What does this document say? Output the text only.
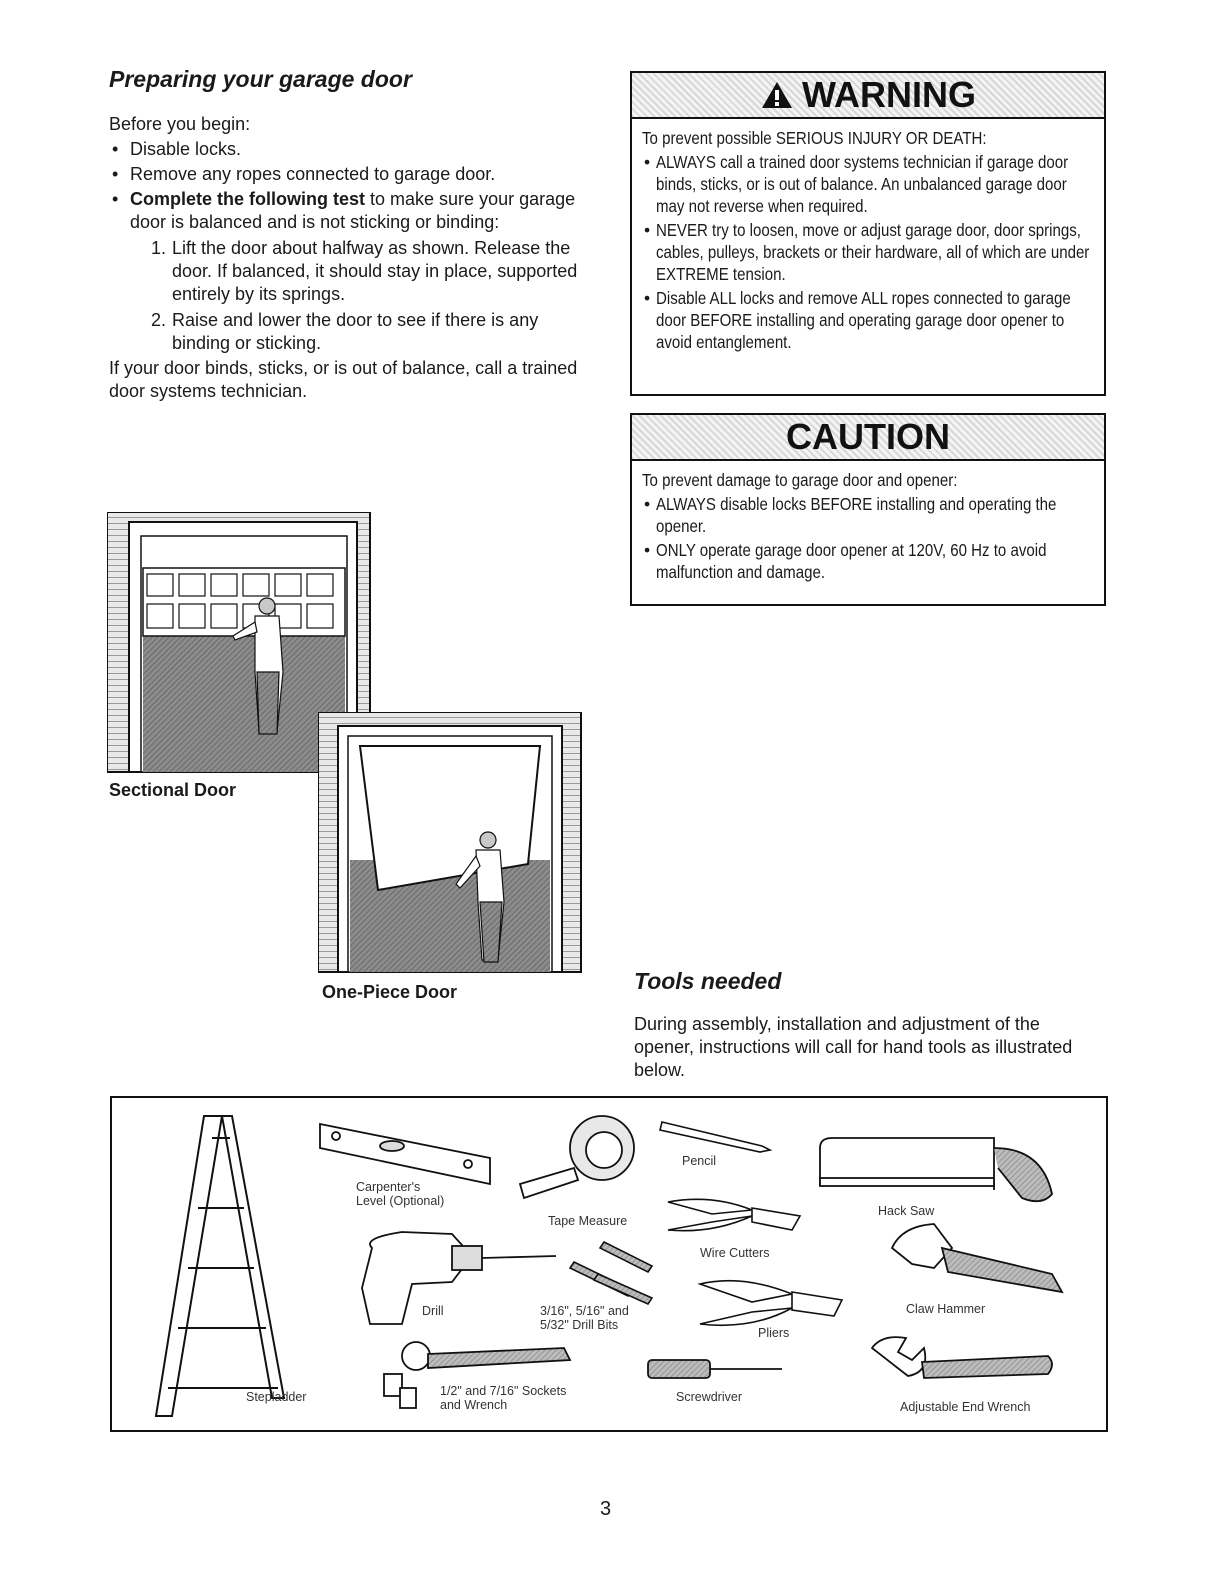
Preparing your garage door

Before you begin:

• Disable locks.
• Remove any ropes connected to garage door.
• Complete the following test to make sure your garage door is balanced and is not sticking or binding:
1. Lift the door about halfway as shown. Release the door. If balanced, it should stay in place, supported entirely by its springs.
2. Raise and lower the door to see if there is any binding or sticking.

If your door binds, sticks, or is out of balance, call a trained door systems technician.

WARNING

To prevent possible SERIOUS INJURY OR DEATH:

• ALWAYS call a trained door systems technician if garage door binds, sticks, or is out of balance. An unbalanced garage door may not reverse when required.
• NEVER try to loosen, move or adjust garage door, door springs, cables, pulleys, brackets or their hardware, all of which are under EXTREME tension.
• Disable ALL locks and remove ALL ropes connected to garage door BEFORE installing and operating garage door opener to avoid entanglement.
CAUTION

To prevent damage to garage door and opener:

• ALWAYS disable locks BEFORE installing and operating the opener.
• ONLY operate garage door opener at 120V, 60 Hz to avoid malfunction and damage.
Sectional Door
One-Piece Door	Tools needed
During assembly, installation and adjustment of the opener, instructions will call for hand tools as illustrated below.
Carpenter's
Level (Optional)
Tape Measure
Pencil
Hack Saw
Wire Cutters
Drill	3/16", 5/16" and
5/32" Drill Bits
Pliers
Claw Hammer
Stepladder	1/2" and 7/16" Sockets
and Wrench
Screwdriver
Adjustable End Wrench
3
